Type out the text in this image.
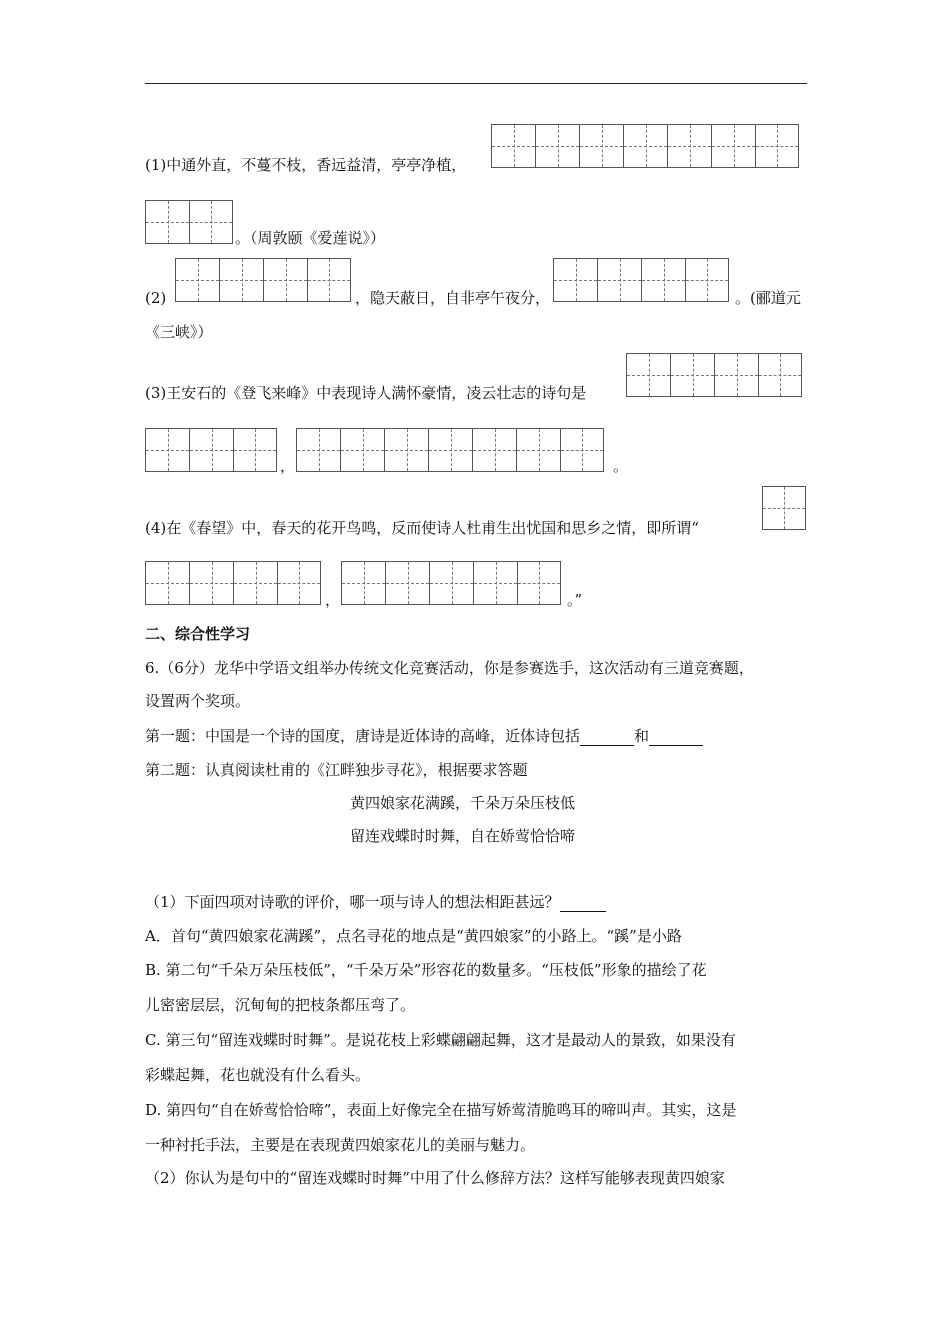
(1)中通外直，不蔓不枝，香远益清，亭亭净植，
。（周敦颐《爱莲说》）
(2)	，隐天蔽日，自非亭午夜分，	。(郦道元
《三峡》）
(3)王安石的《登飞来峰》中表现诗人满怀豪情，凌云壮志的诗句是
，	。
(4)在《春望》中，春天的花开鸟鸣，反而使诗人杜甫生出忧国和思乡之情，即所谓“
，	。”
二、综合性学习
6.（6分）龙华中学语文组举办传统文化竞赛活动，你是参赛选手，这次活动有三道竞赛题，
设置两个奖项。
第一题：中国是一个诗的国度，唐诗是近体诗的高峰，近体诗包括	和
第二题：认真阅读杜甫的《江畔独步寻花》，根据要求答题
黄四娘家花满蹊，千朵万朵压枝低
留连戏蝶时时舞，自在娇莺恰恰啼
（1）下面四项对诗歌的评价，哪一项与诗人的想法相距甚远？
A．首句“黄四娘家花满蹊”，点名寻花的地点是“黄四娘家”的小路上。“蹊”是小路
B. 第二句“千朵万朵压枝低”，“千朵万朵”形容花的数量多。“压枝低”形象的描绘了花
儿密密层层，沉甸甸的把枝条都压弯了。
C. 第三句“留连戏蝶时时舞”。是说花枝上彩蝶翩翩起舞，这才是最动人的景致，如果没有
彩蝶起舞，花也就没有什么看头。
D. 第四句“自在娇莺恰恰啼”，表面上好像完全在描写娇莺清脆鸣耳的啼叫声。其实，这是
一种衬托手法，主要是在表现黄四娘家花儿的美丽与魅力。
（2）你认为是句中的“留连戏蝶时时舞”中用了什么修辞方法？这样写能够表现黄四娘家
